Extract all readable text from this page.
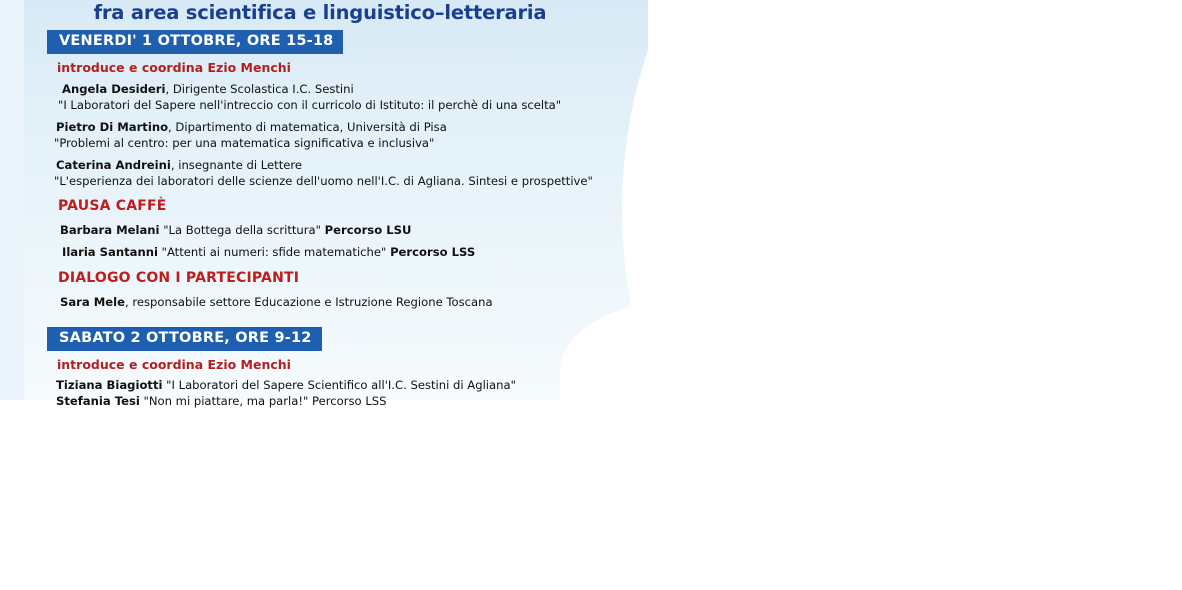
fra area scientifica e linguistico–letteraria
VENERDI' 1 OTTOBRE, ORE 15-18
introduce e coordina Ezio Menchi
Angela Desideri, Dirigente Scolastica I.C. Sestini
"I Laboratori del Sapere nell'intreccio con il curricolo di Istituto: il perchè di una scelta"
Pietro Di Martino, Dipartimento di matematica, Università di Pisa
"Problemi al centro: per una matematica significativa e inclusiva"
Caterina Andreini, insegnante di Lettere
"L'esperienza dei laboratori delle scienze dell'uomo nell'I.C. di Agliana. Sintesi e prospettive"
PAUSA CAFFÈ
Barbara Melani "La Bottega della scrittura" Percorso LSU
Ilaria Santanni "Attenti ai numeri: sfide matematiche" Percorso LSS
DIALOGO CON I PARTECIPANTI
Sara Mele, responsabile settore Educazione e Istruzione Regione Toscana
SABATO 2 OTTOBRE, ORE 9-12
introduce e coordina Ezio Menchi
Tiziana Biagiotti "I Laboratori del Sapere Scientifico all'I.C. Sestini di Agliana"
Stefania Tesi "Non mi piattare, ma parla!" Percorso LSS
